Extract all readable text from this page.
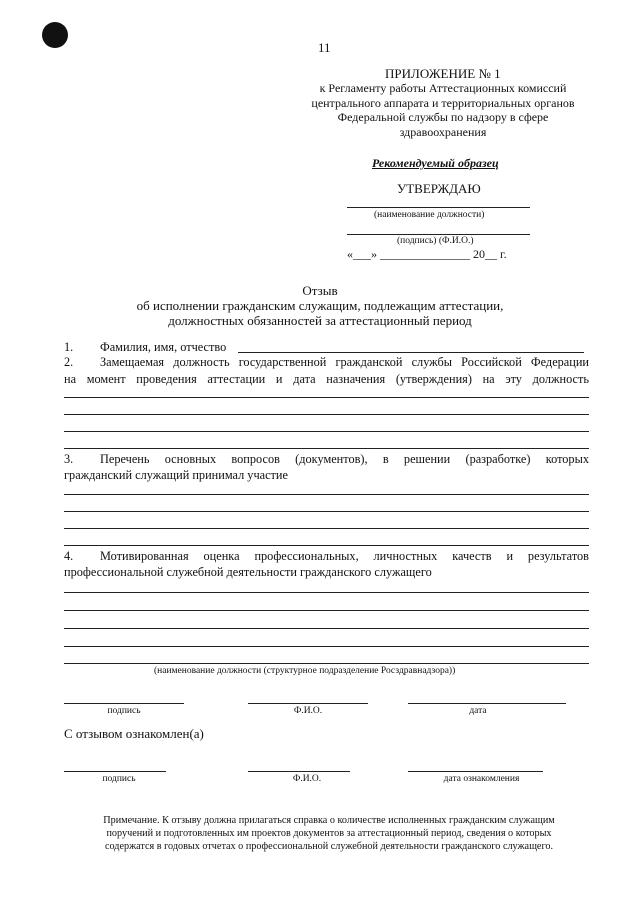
11
ПРИЛОЖЕНИЕ № 1
к Регламенту работы Аттестационных комиссий
центрального аппарата и территориальных органов
Федеральной службы по надзору в сфере
здравоохранения
Рекомендуемый образец
УТВЕРЖДАЮ
(наименование должности)
(подпись) (Ф.И.О.)
«___» _______________ 20__ г.
Отзыв
об исполнении гражданским служащим, подлежащим аттестации,
должностных обязанностей за аттестационный период
1. Фамилия, имя, отчество
2. Замещаемая должность государственной гражданской службы Российской Федерации
на момент проведения аттестации и дата назначения (утверждения) на эту должность
3. Перечень основных вопросов (документов), в решении (разработке) которых
гражданский служащий принимал участие
4. Мотивированная оценка профессиональных, личностных качеств и результатов
профессиональной служебной деятельности гражданского служащего
(наименование должности (структурное подразделение Росздравнадзора))
подпись	Ф.И.О.	дата
С отзывом ознакомлен(а)
подпись	Ф.И.О.	дата ознакомления
Примечание. К отзыву должна прилагаться справка о количестве исполненных гражданским служащим поручений и подготовленных им проектов документов за аттестационный период, сведения о которых содержатся в годовых отчетах о профессиональной служебной деятельности гражданского служащего.
